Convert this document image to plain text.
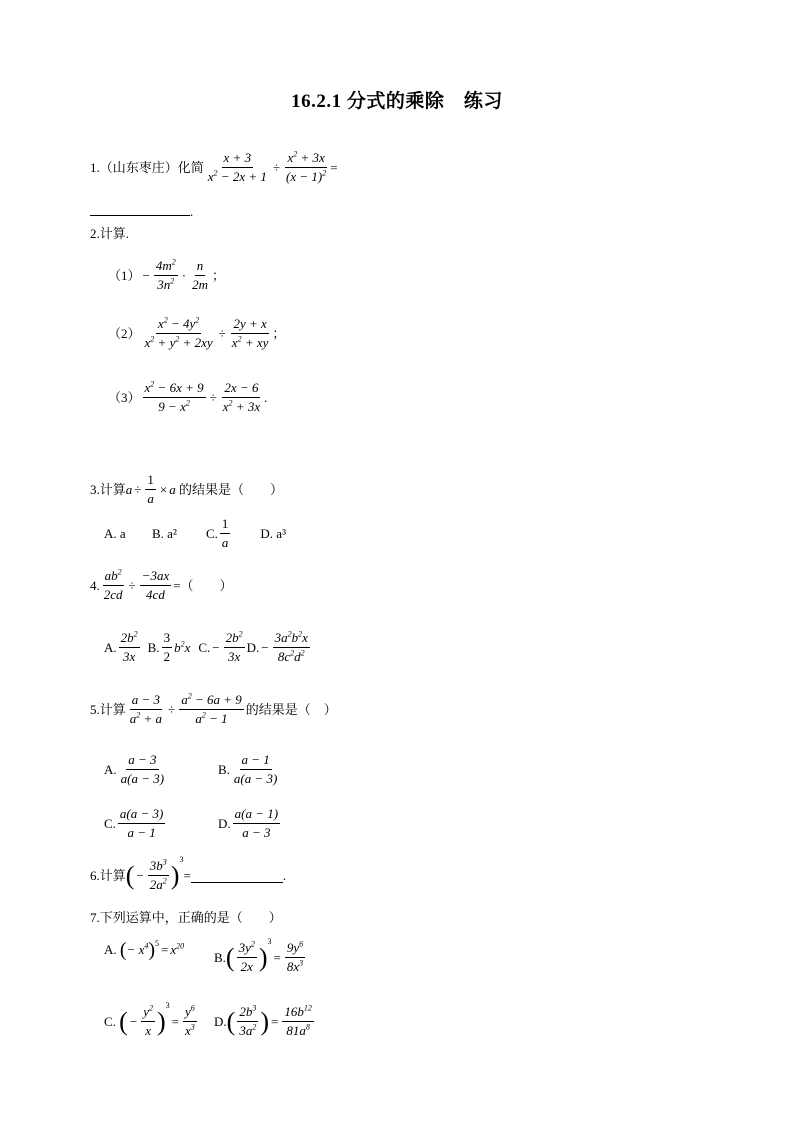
16.2.1 分式的乘除　练习
1.（山东枣庄）化简 $\frac{x + 3}{x^2 - 2x + 1} \div \frac{x^2 + 3x}{(x - 1)^2}$ =
.
2.计算.
$(1) - \frac{4m^2}{3n^2} \cdot \frac{n}{2m}$ ；
$(2) \frac{x^2 - 4y^2}{x^2 + y^2 + 2xy} \div \frac{2y + x}{x^2 + xy}$ ；
$(3) \frac{x^2 - 6x + 9}{9 - x^2} \div \frac{2x - 6}{x^2 + 3x}$ .
3.计算 $a \div \frac{1}{a} \times a$
的结果是（　　）
A. a	B. a²	C. $\frac{1}{a} D$. a³
4. $\frac{ab^2}{2cd} \div \frac{-3ax}{4cd}$ =（　　）
A. $\frac{2b^2}{3x} B$. $\frac{3}{2} b^2x$ C. − $\frac{2b^2}{3x} D$. − $\frac{3a^2b^2x}{8c^2d^2}$
5.计算 $\frac{a - 3}{a^2 + a} \div \frac{a^2 - 6a + 9}{a^2 - 1}$ 的结果是（　）
A. $\frac{a - 3}{a(a - 3)}$	B. $\frac{a - 1}{a(a - 3)}$
C. $\frac{a(a - 3)}{a - 1}$	D. $\frac{a(a - 1)}{a - 3}$
6.计算 ( − $\frac{3b^3}{2a^2}$ )
3
=	.
7.下列运算中，正确的是（　　）
A.
( − $x^4$ ) $5 = x^{20}$
B. ( $\frac{3y^2}{2x}$ )
3
= $\frac{9y^6}{8x^3}$
C.
( − $\frac{y^2}{x}$ )
3
= $\frac{y^6}{x^3} D$. ( $\frac{2b^3}{3a^2}$ ) = $\frac{16b^{12}}{81a^8}$
